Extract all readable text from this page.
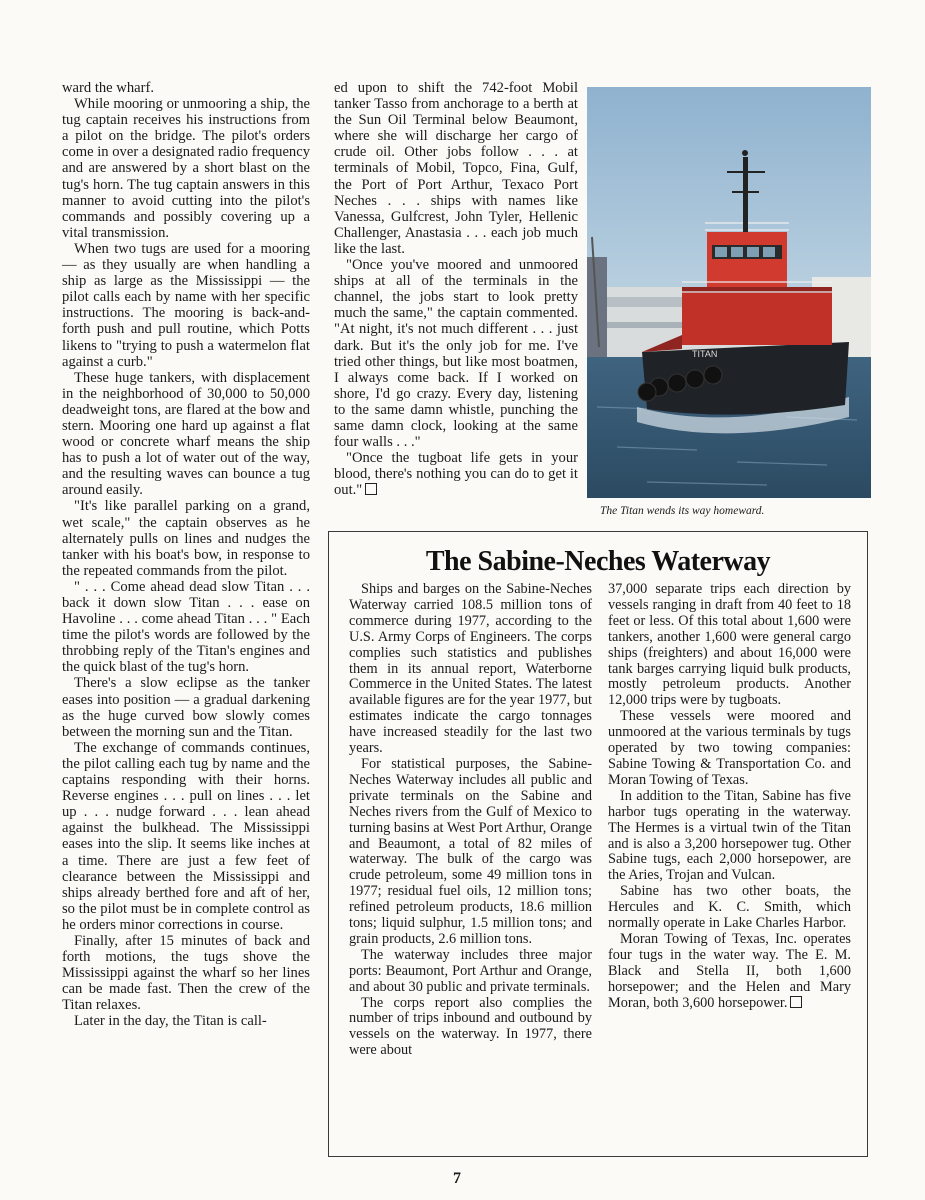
ward the wharf.

While mooring or unmooring a ship, the tug captain receives his instructions from a pilot on the bridge. The pilot's orders come in over a designated radio frequency and are answered by a short blast on the tug's horn. The tug captain answers in this manner to avoid cutting into the pilot's commands and possibly covering up a vital transmission.

When two tugs are used for a mooring — as they usually are when handling a ship as large as the Mississippi — the pilot calls each by name with her specific instructions. The mooring is back-and-forth push and pull routine, which Potts likens to "trying to push a watermelon flat against a curb."

These huge tankers, with displacement in the neighborhood of 30,000 to 50,000 deadweight tons, are flared at the bow and stern. Mooring one hard up against a flat wood or concrete wharf means the ship has to push a lot of water out of the way, and the resulting waves can bounce a tug around easily.

"It's like parallel parking on a grand, wet scale," the captain observes as he alternately pulls on lines and nudges the tanker with his boat's bow, in response to the repeated commands from the pilot.

" . . . Come ahead dead slow Titan . . . back it down slow Titan . . . ease on Havoline . . . come ahead Titan . . . " Each time the pilot's words are followed by the throbbing reply of the Titan's engines and the quick blast of the tug's horn.

There's a slow eclipse as the tanker eases into position — a gradual darkening as the huge curved bow slowly comes between the morning sun and the Titan.

The exchange of commands continues, the pilot calling each tug by name and the captains responding with their horns. Reverse engines . . . pull on lines . . . let up . . . nudge forward . . . lean ahead against the bulkhead. The Mississippi eases into the slip. It seems like inches at a time. There are just a few feet of clearance between the Mississippi and ships already berthed fore and aft of her, so the pilot must be in complete control as he orders minor corrections in course.

Finally, after 15 minutes of back and forth motions, the tugs shove the Mississippi against the wharf so her lines can be made fast. Then the crew of the Titan relaxes.

Later in the day, the Titan is call-

ed upon to shift the 742-foot Mobil tanker Tasso from anchorage to a berth at the Sun Oil Terminal below Beaumont, where she will discharge her cargo of crude oil. Other jobs follow . . . at terminals of Mobil, Topco, Fina, Gulf, the Port of Port Arthur, Texaco Port Neches . . . ships with names like Vanessa, Gulfcrest, John Tyler, Hellenic Challenger, Anastasia . . . each job much like the last.

"Once you've moored and unmoored ships at all of the terminals in the channel, the jobs start to look pretty much the same," the captain commented. "At night, it's not much different . . . just dark. But it's the only job for me. I've tried other things, but like most boatmen, I always come back. If I worked on shore, I'd go crazy. Every day, listening to the same damn whistle, punching the same damn clock, looking at the same four walls . . ."

"Once the tugboat life gets in your blood, there's nothing you can do to get it out."

TITAN
The Titan wends its way homeward.
The Sabine-Neches Waterway

Ships and barges on the Sabine-Neches Waterway carried 108.5 million tons of commerce during 1977, according to the U.S. Army Corps of Engineers. The corps complies such statistics and publishes them in its annual report, Waterborne Commerce in the United States. The latest available figures are for the year 1977, but estimates indicate the cargo tonnages have increased steadily for the last two years.

For statistical purposes, the Sabine-Neches Waterway includes all public and private terminals on the Sabine and Neches rivers from the Gulf of Mexico to turning basins at West Port Arthur, Orange and Beaumont, a total of 82 miles of waterway. The bulk of the cargo was crude petroleum, some 49 million tons in 1977; residual fuel oils, 12 million tons; refined petroleum products, 18.6 million tons; liquid sulphur, 1.5 million tons; and grain products, 2.6 million tons.

The waterway includes three major ports: Beaumont, Port Arthur and Orange, and about 30 public and private terminals.

The corps report also complies the number of trips inbound and outbound by vessels on the waterway. In 1977, there were about

37,000 separate trips each direction by vessels ranging in draft from 40 feet to 18 feet or less. Of this total about 1,600 were tankers, another 1,600 were general cargo ships (freighters) and about 16,000 were tank barges carrying liquid bulk products, mostly petroleum products. Another 12,000 trips were by tugboats.

These vessels were moored and unmoored at the various terminals by tugs operated by two towing companies: Sabine Towing & Transportation Co. and Moran Towing of Texas.

In addition to the Titan, Sabine has five harbor tugs operating in the waterway. The Hermes is a virtual twin of the Titan and is also a 3,200 horsepower tug. Other Sabine tugs, each 2,000 horsepower, are the Aries, Trojan and Vulcan.

Sabine has two other boats, the Hercules and K. C. Smith, which normally operate in Lake Charles Harbor.

Moran Towing of Texas, Inc. operates four tugs in the water way. The E. M. Black and Stella II, both 1,600 horsepower; and the Helen and Mary Moran, both 3,600 horsepower.

7
